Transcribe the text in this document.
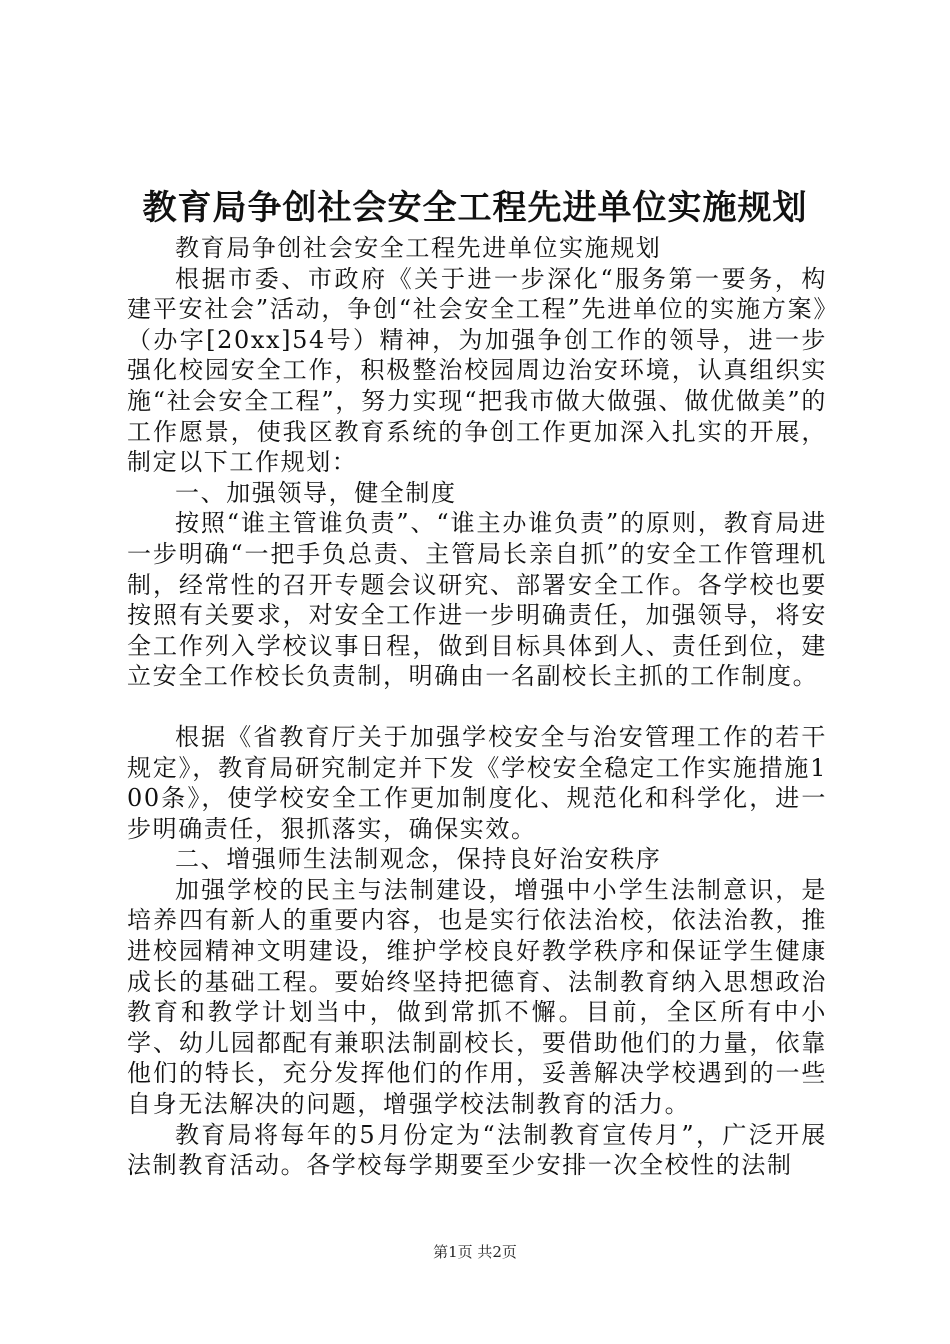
教育局争创社会安全工程先进单位实施规划

教育局争创社会安全工程先进单位实施规划

根据市委、市政府《关于进一步深化“服务第一要务，构建平安社会”活动，争创“社会安全工程”先进单位的实施方案》（办字[20xx]54号）精神，为加强争创工作的领导，进一步强化校园安全工作，积极整治校园周边治安环境，认真组织实施“社会安全工程”，努力实现“把我市做大做强、做优做美”的工作愿景，使我区教育系统的争创工作更加深入扎实的开展，制定以下工作规划：

一、加强领导，健全制度

按照“谁主管谁负责”、“谁主办谁负责”的原则，教育局进一步明确“一把手负总责、主管局长亲自抓”的安全工作管理机制，经常性的召开专题会议研究、部署安全工作。各学校也要按照有关要求，对安全工作进一步明确责任，加强领导，将安全工作列入学校议事日程，做到目标具体到人、责任到位，建立安全工作校长负责制，明确由一名副校长主抓的工作制度。

根据《省教育厅关于加强学校安全与治安管理工作的若干规定》，教育局研究制定并下发《学校安全稳定工作实施措施100条》，使学校安全工作更加制度化、规范化和科学化，进一步明确责任，狠抓落实，确保实效。

二、增强师生法制观念，保持良好治安秩序

加强学校的民主与法制建设，增强中小学生法制意识，是培养四有新人的重要内容，也是实行依法治校，依法治教，推进校园精神文明建设，维护学校良好教学秩序和保证学生健康成长的基础工程。要始终坚持把德育、法制教育纳入思想政治教育和教学计划当中，做到常抓不懈。目前，全区所有中小学、幼儿园都配有兼职法制副校长，要借助他们的力量，依靠他们的特长，充分发挥他们的作用，妥善解决学校遇到的一些自身无法解决的问题，增强学校法制教育的活力。

教育局将每年的5月份定为“法制教育宣传月”，广泛开展法制教育活动。各学校每学期要至少安排一次全校性的法制

第1页 共2页
